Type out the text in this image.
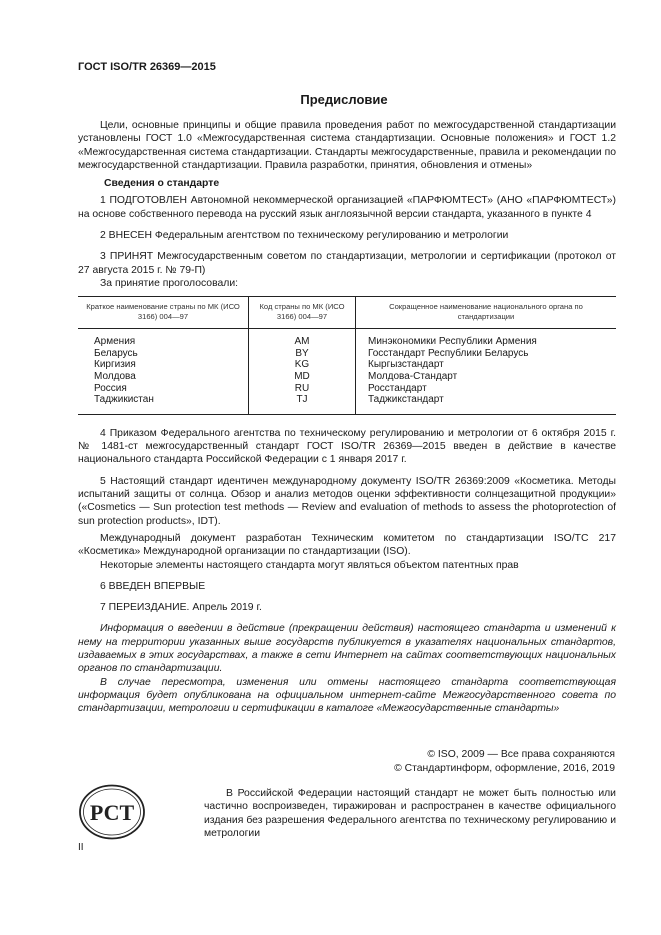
ГОСТ ISO/TR 26369—2015
Предисловие

Цели, основные принципы и общие правила проведения работ по межгосударственной стандартизации установлены ГОСТ 1.0 «Межгосударственная система стандартизации. Основные положения» и ГОСТ 1.2 «Межгосударственная система стандартизации. Стандарты межгосударственные, правила и рекомендации по межгосударственной стандартизации. Правила разработки, принятия, обновления и отмены»

Сведения о стандарте

1 ПОДГОТОВЛЕН Автономной некоммерческой организацией «ПАРФЮМТЕСТ» (АНО «ПАРФЮМТЕСТ») на основе собственного перевода на русский язык англоязычной версии стандарта, указанного в пункте 4

2 ВНЕСЕН Федеральным агентством по техническому регулированию и метрологии

3 ПРИНЯТ Межгосударственным советом по стандартизации, метрологии и сертификации (протокол от 27 августа 2015 г. № 79-П)

За принятие проголосовали:

Краткое наименование страны по МК (ИСО 3166) 004—97	Код страны по МК (ИСО 3166) 004—97	Сокращенное наименование национального органа по стандартизации
Армения	AM	Минэкономики Республики Армения
Беларусь	BY	Госстандарт Республики Беларусь
Киргизия	KG	Кыргызстандарт
Молдова	MD	Молдова-Стандарт
Россия	RU	Росстандарт
Таджикистан	TJ	Таджикстандарт

4 Приказом Федерального агентства по техническому регулированию и метрологии от 6 октября 2015 г. № 1481-ст межгосударственный стандарт ГОСТ ISO/TR 26369—2015 введен в действие в качестве национального стандарта Российской Федерации с 1 января 2017 г.

5 Настоящий стандарт идентичен международному документу ISO/TR 26369:2009 «Косметика. Методы испытаний защиты от солнца. Обзор и анализ методов оценки эффективности солнцезащитной продукции» («Cosmetics — Sun protection test methods — Review and evaluation of methods to assess the photoprotection of sun protection products», IDT).

Международный документ разработан Техническим комитетом по стандартизации ISO/TC 217 «Косметика» Международной организации по стандартизации (ISO).

Некоторые элементы настоящего стандарта могут являться объектом патентных прав

6 ВВЕДЕН ВПЕРВЫЕ

7 ПЕРЕИЗДАНИЕ. Апрель 2019 г.

Информация о введении в действие (прекращении действия) настоящего стандарта и изменений к нему на территории указанных выше государств публикуется в указателях национальных стандартов, издаваемых в этих государствах, а также в сети Интернет на сайтах соответствующих национальных органов по стандартизации.

В случае пересмотра, изменения или отмены настоящего стандарта соответствующая информация будет опубликована на официальном интернет-сайте Межгосударственного совета по стандартизации, метрологии и сертификации в каталоге «Межгосударственные стандарты»

© ISO, 2009 — Все права сохраняются
© Стандартинформ, оформление, 2016, 2019
РСТ

В Российской Федерации настоящий стандарт не может быть полностью или частично воспроизведен, тиражирован и распространен в качестве официального издания без разрешения Федерального агентства по техническому регулированию и метрологии

II
